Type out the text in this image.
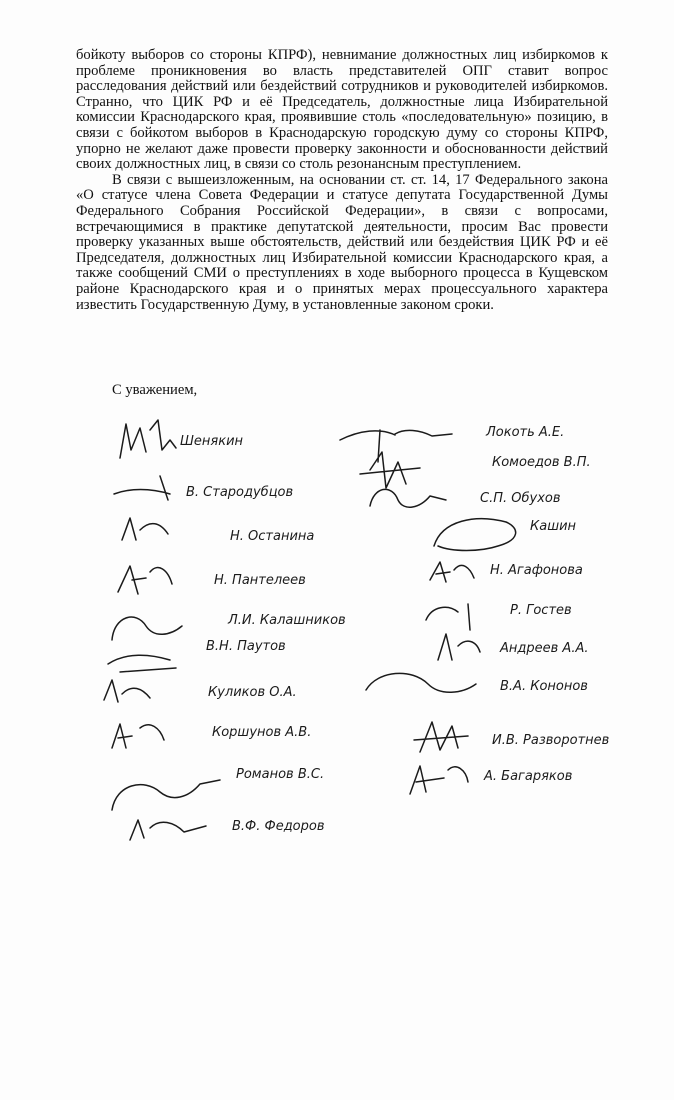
бойкоту выборов со стороны КПРФ), невнимание должностных лиц избиркомов к проблеме проникновения во власть представителей ОПГ ставит вопрос расследования действий или бездействий сотрудников и руководителей избиркомов. Странно, что ЦИК РФ и её Председатель, должностные лица Избирательной комиссии Краснодарского края, проявившие столь «последовательную» позицию, в связи с бойкотом выборов в Краснодарскую городскую думу со стороны КПРФ, упорно не желают даже провести проверку законности и обоснованности действий своих должностных лиц, в связи со столь резонансным преступлением.

В связи с вышеизложенным, на основании ст. ст. 14, 17 Федерального закона «О статусе члена Совета Федерации и статусе депутата Государственной Думы Федерального Собрания Российской Федерации», в связи с вопросами, встречающимися в практике депутатской деятельности, просим Вас провести проверку указанных выше обстоятельств, действий или бездействия ЦИК РФ и её Председателя, должностных лиц Избирательной комиссии Краснодарского края, а также сообщений СМИ о преступлениях в ходе выборного процесса в Кущевском районе Краснодарского края и о принятых мерах процессуального характера известить Государственную Думу, в установленные законом сроки.

С уважением,
Шенякин
Локоть А.Е.
Комоедов В.П.
В. Стародубцов	С.П. Обухов
Н. Останина
Кашин
Н. Пантелеев
Н. Агафонова
Л.И. Калашников
Р. Гостев
В.Н. Паутов	Андреев А.А.
Куликов О.А.	В.А. Кононов
Коршунов А.В.
И.В. Разворотнев
Романов В.С.	А. Багаряков
В.Ф. Федоров
